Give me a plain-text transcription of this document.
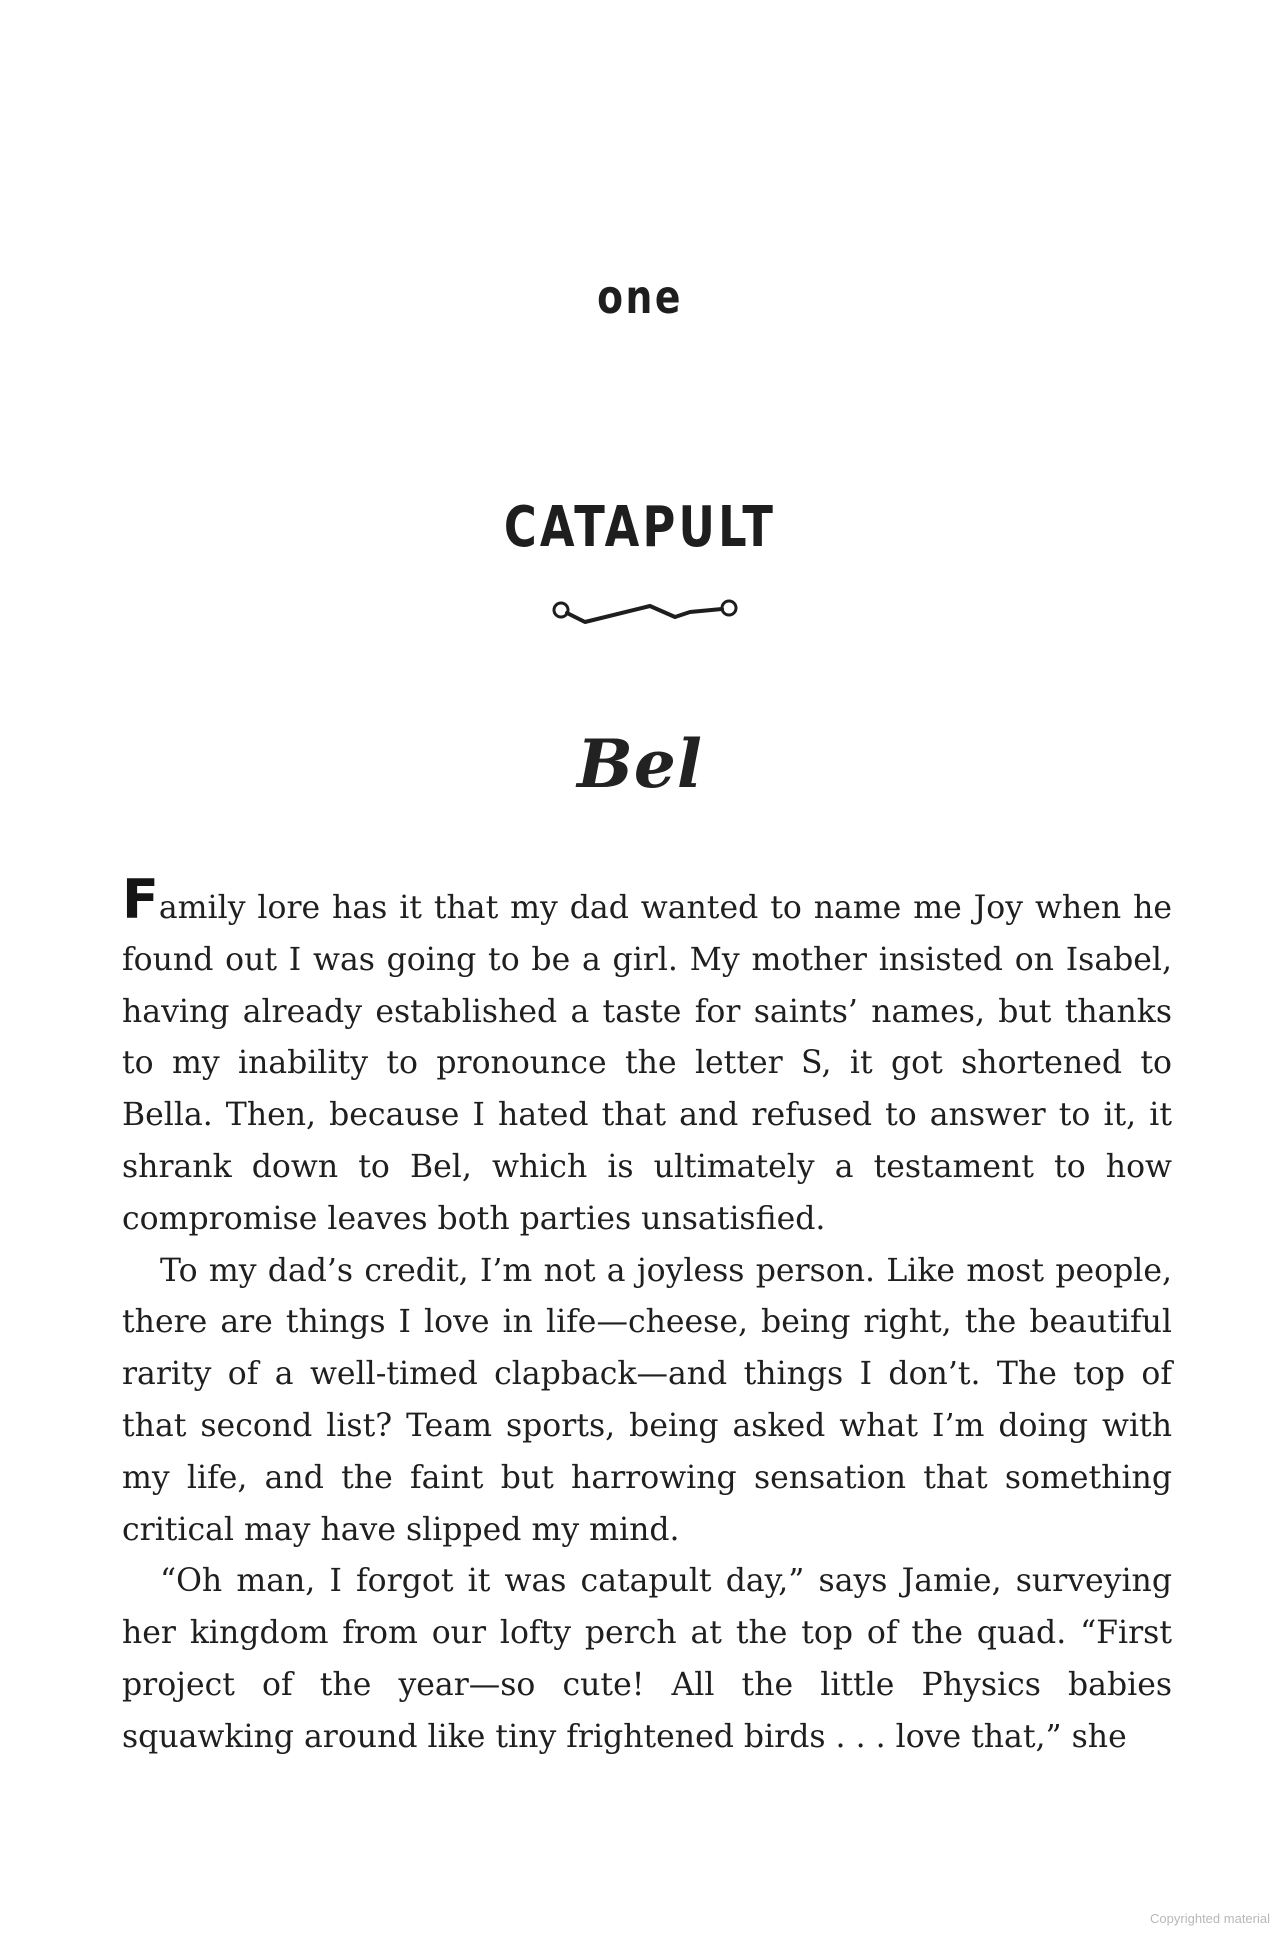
one
CATAPULT
Bel

Family lore has it that my dad wanted to name me Joy when he found out I was going to be a girl. My mother insisted on Isabel, having already established a taste for saints’ names, but thanks to my inability to pronounce the letter S, it got shortened to Bella. Then, because I hated that and refused to answer to it, it shrank down to Bel, which is ultimately a testament to how compromise leaves both parties unsatisfied.

To my dad’s credit, I’m not a joyless person. Like most people, there are things I love in life—cheese, being right, the beautiful rarity of a well-timed clapback—and things I don’t. The top of that second list? Team sports, being asked what I’m doing with my life, and the faint but harrowing sensation that something critical may have slipped my mind.

“Oh man, I forgot it was catapult day,” says Jamie, surveying her kingdom from our lofty perch at the top of the quad. “First project of the year—so cute! All the little Physics babies squawking around like tiny frightened birds . . . love that,” she

Copyrighted material
